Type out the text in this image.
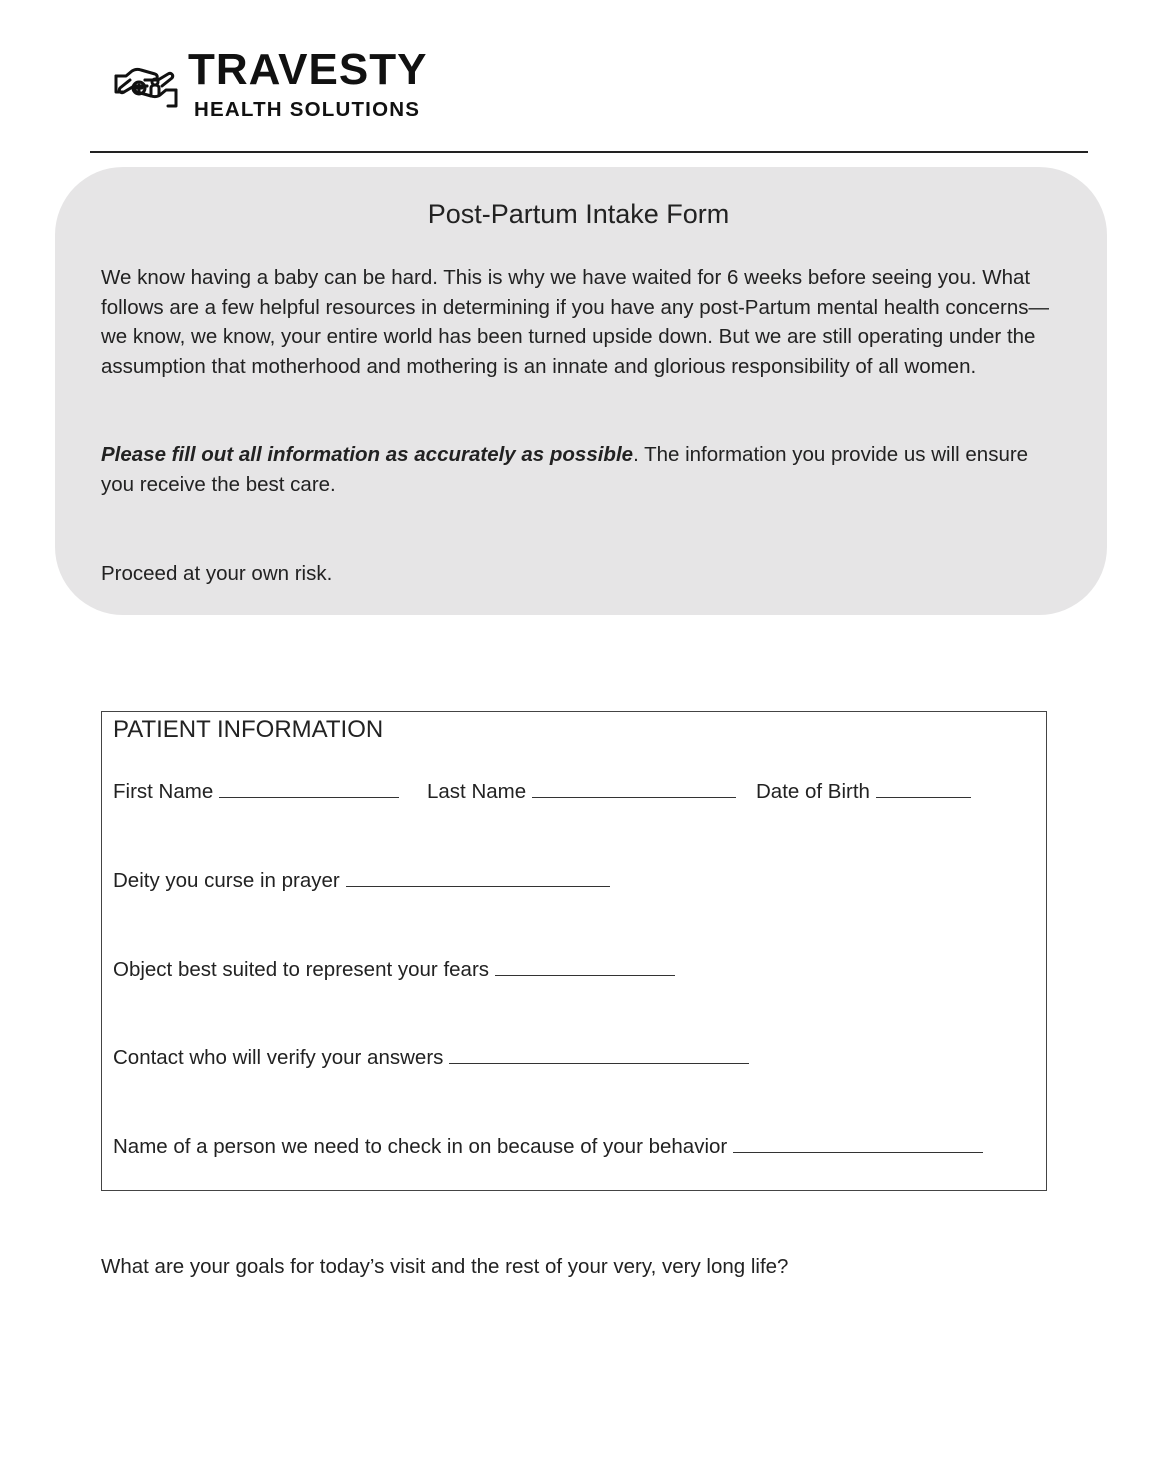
TRAVESTY
HEALTH SOLUTIONS
Post-Partum Intake Form

We know having a baby can be hard. This is why we have waited for 6 weeks before seeing you. What follows are a few helpful resources in determining if you have any post-Partum mental health concerns—we know, we know, your entire world has been turned upside down. But we are still operating under the assumption that motherhood and mothering is an innate and glorious responsibility of all women.

Please fill out all information as accurately as possible. The information you provide us will ensure you receive the best care.

Proceed at your own risk.

PATIENT INFORMATION
First Name	Last Name	Date of Birth
Deity you curse in prayer
Object best suited to represent your fears
Contact who will verify your answers
Name of a person we need to check in on because of your behavior

What are your goals for today’s visit and the rest of your very, very long life?
